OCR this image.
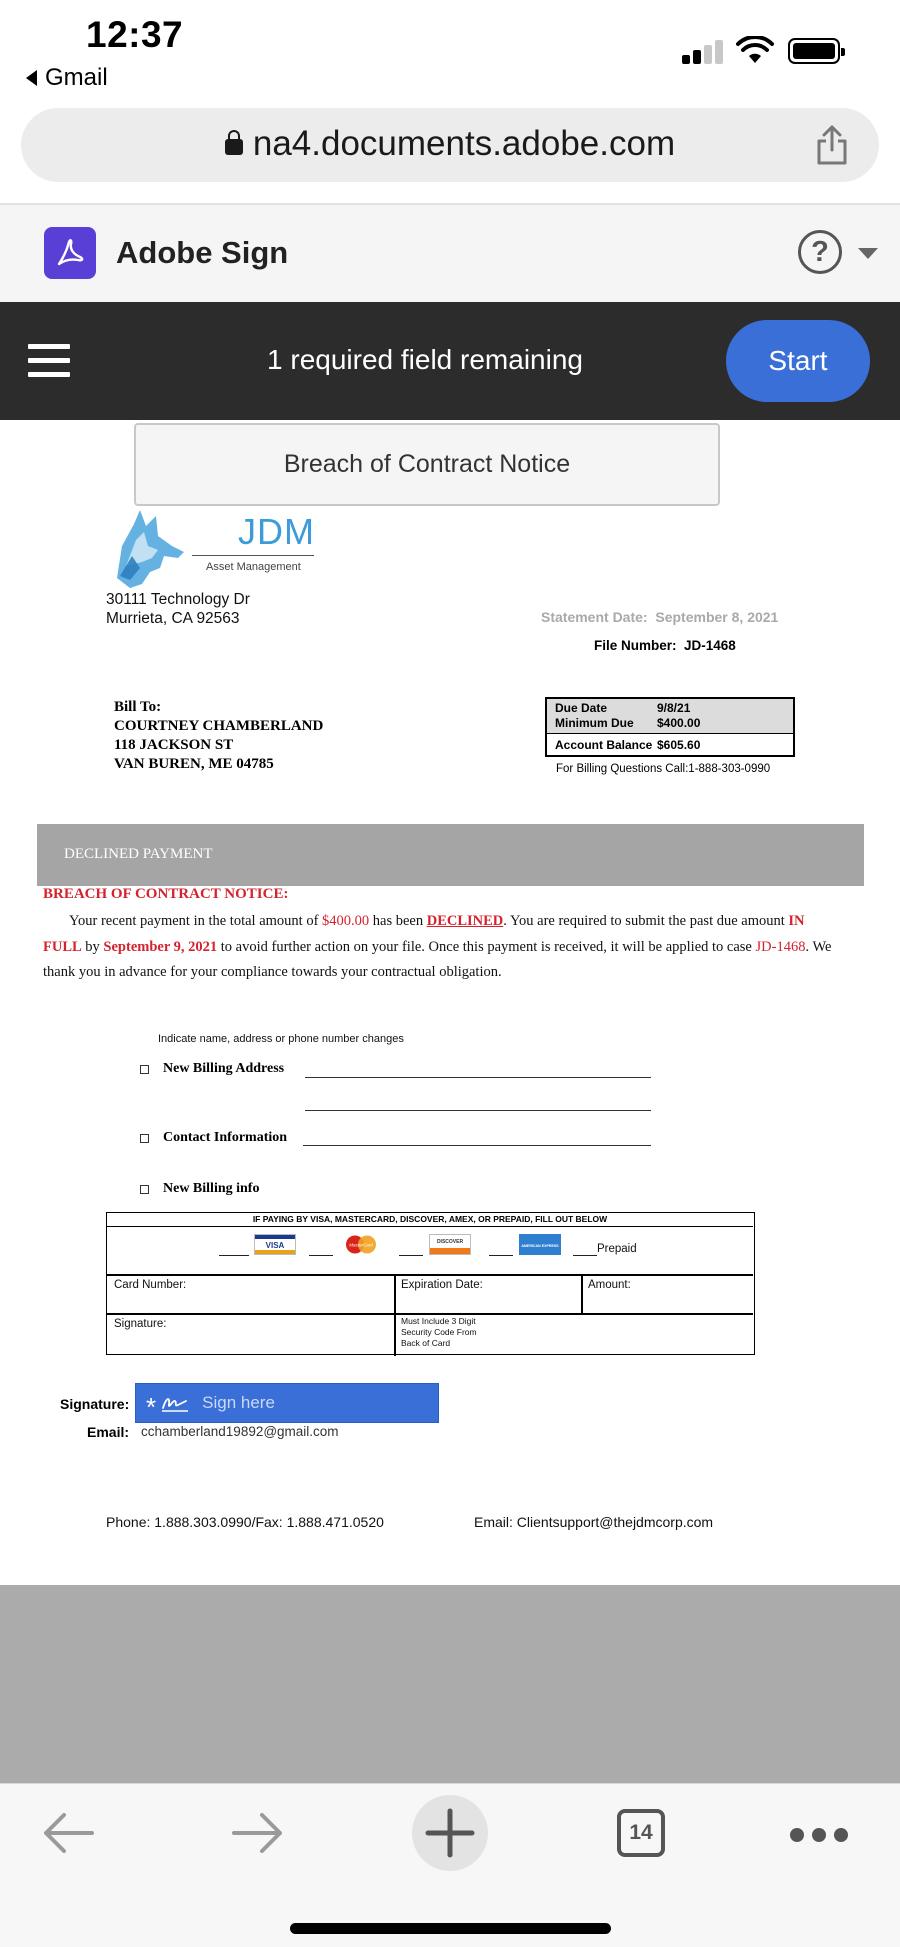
12:37
Gmail
na4.documents.adobe.com
Adobe Sign	?
1 required field remaining	Start
Breach of Contract Notice
JDM
Asset Management
30111 Technology Dr
Murrieta, CA 92563	Statement Date: September 8, 2021
File Number: JD-1468
Bill To:
COURTNEY CHAMBERLAND
118 JACKSON ST
VAN BUREN, ME 04785
Due Date	9/8/21
Minimum Due $400.00
Account Balance $605.60
For Billing Questions Call:1-888-303-0990
DECLINED PAYMENT
BREACH OF CONTRACT NOTICE:
Your recent payment in the total amount of $400.00 has been DECLINED. You are required to submit the past due amount IN FULL by September 9, 2021 to avoid further action on your file. Once this payment is received, it will be applied to case JD-1468. We thank you in advance for your compliance towards your contractual obligation.
Indicate name, address or phone number changes
New Billing Address
Contact Information
New Billing info
IF PAYING BY VISA, MASTERCARD, DISCOVER, AMEX, OR PREPAID, FILL OUT BELOW
VISA	MasterCard	DISCOVER
AMERICAN EXPRESS	Prepaid
Card Number:	Expiration Date:	Amount:
Signature:	Must Include 3 Digit
Security Code From
Back of Card
Signature: *	Sign here
Email: cchamberland19892@gmail.com
Phone: 1.888.303.0990/Fax: 1.888.471.0520	Email: Clientsupport@thejdmcorp.com
14
